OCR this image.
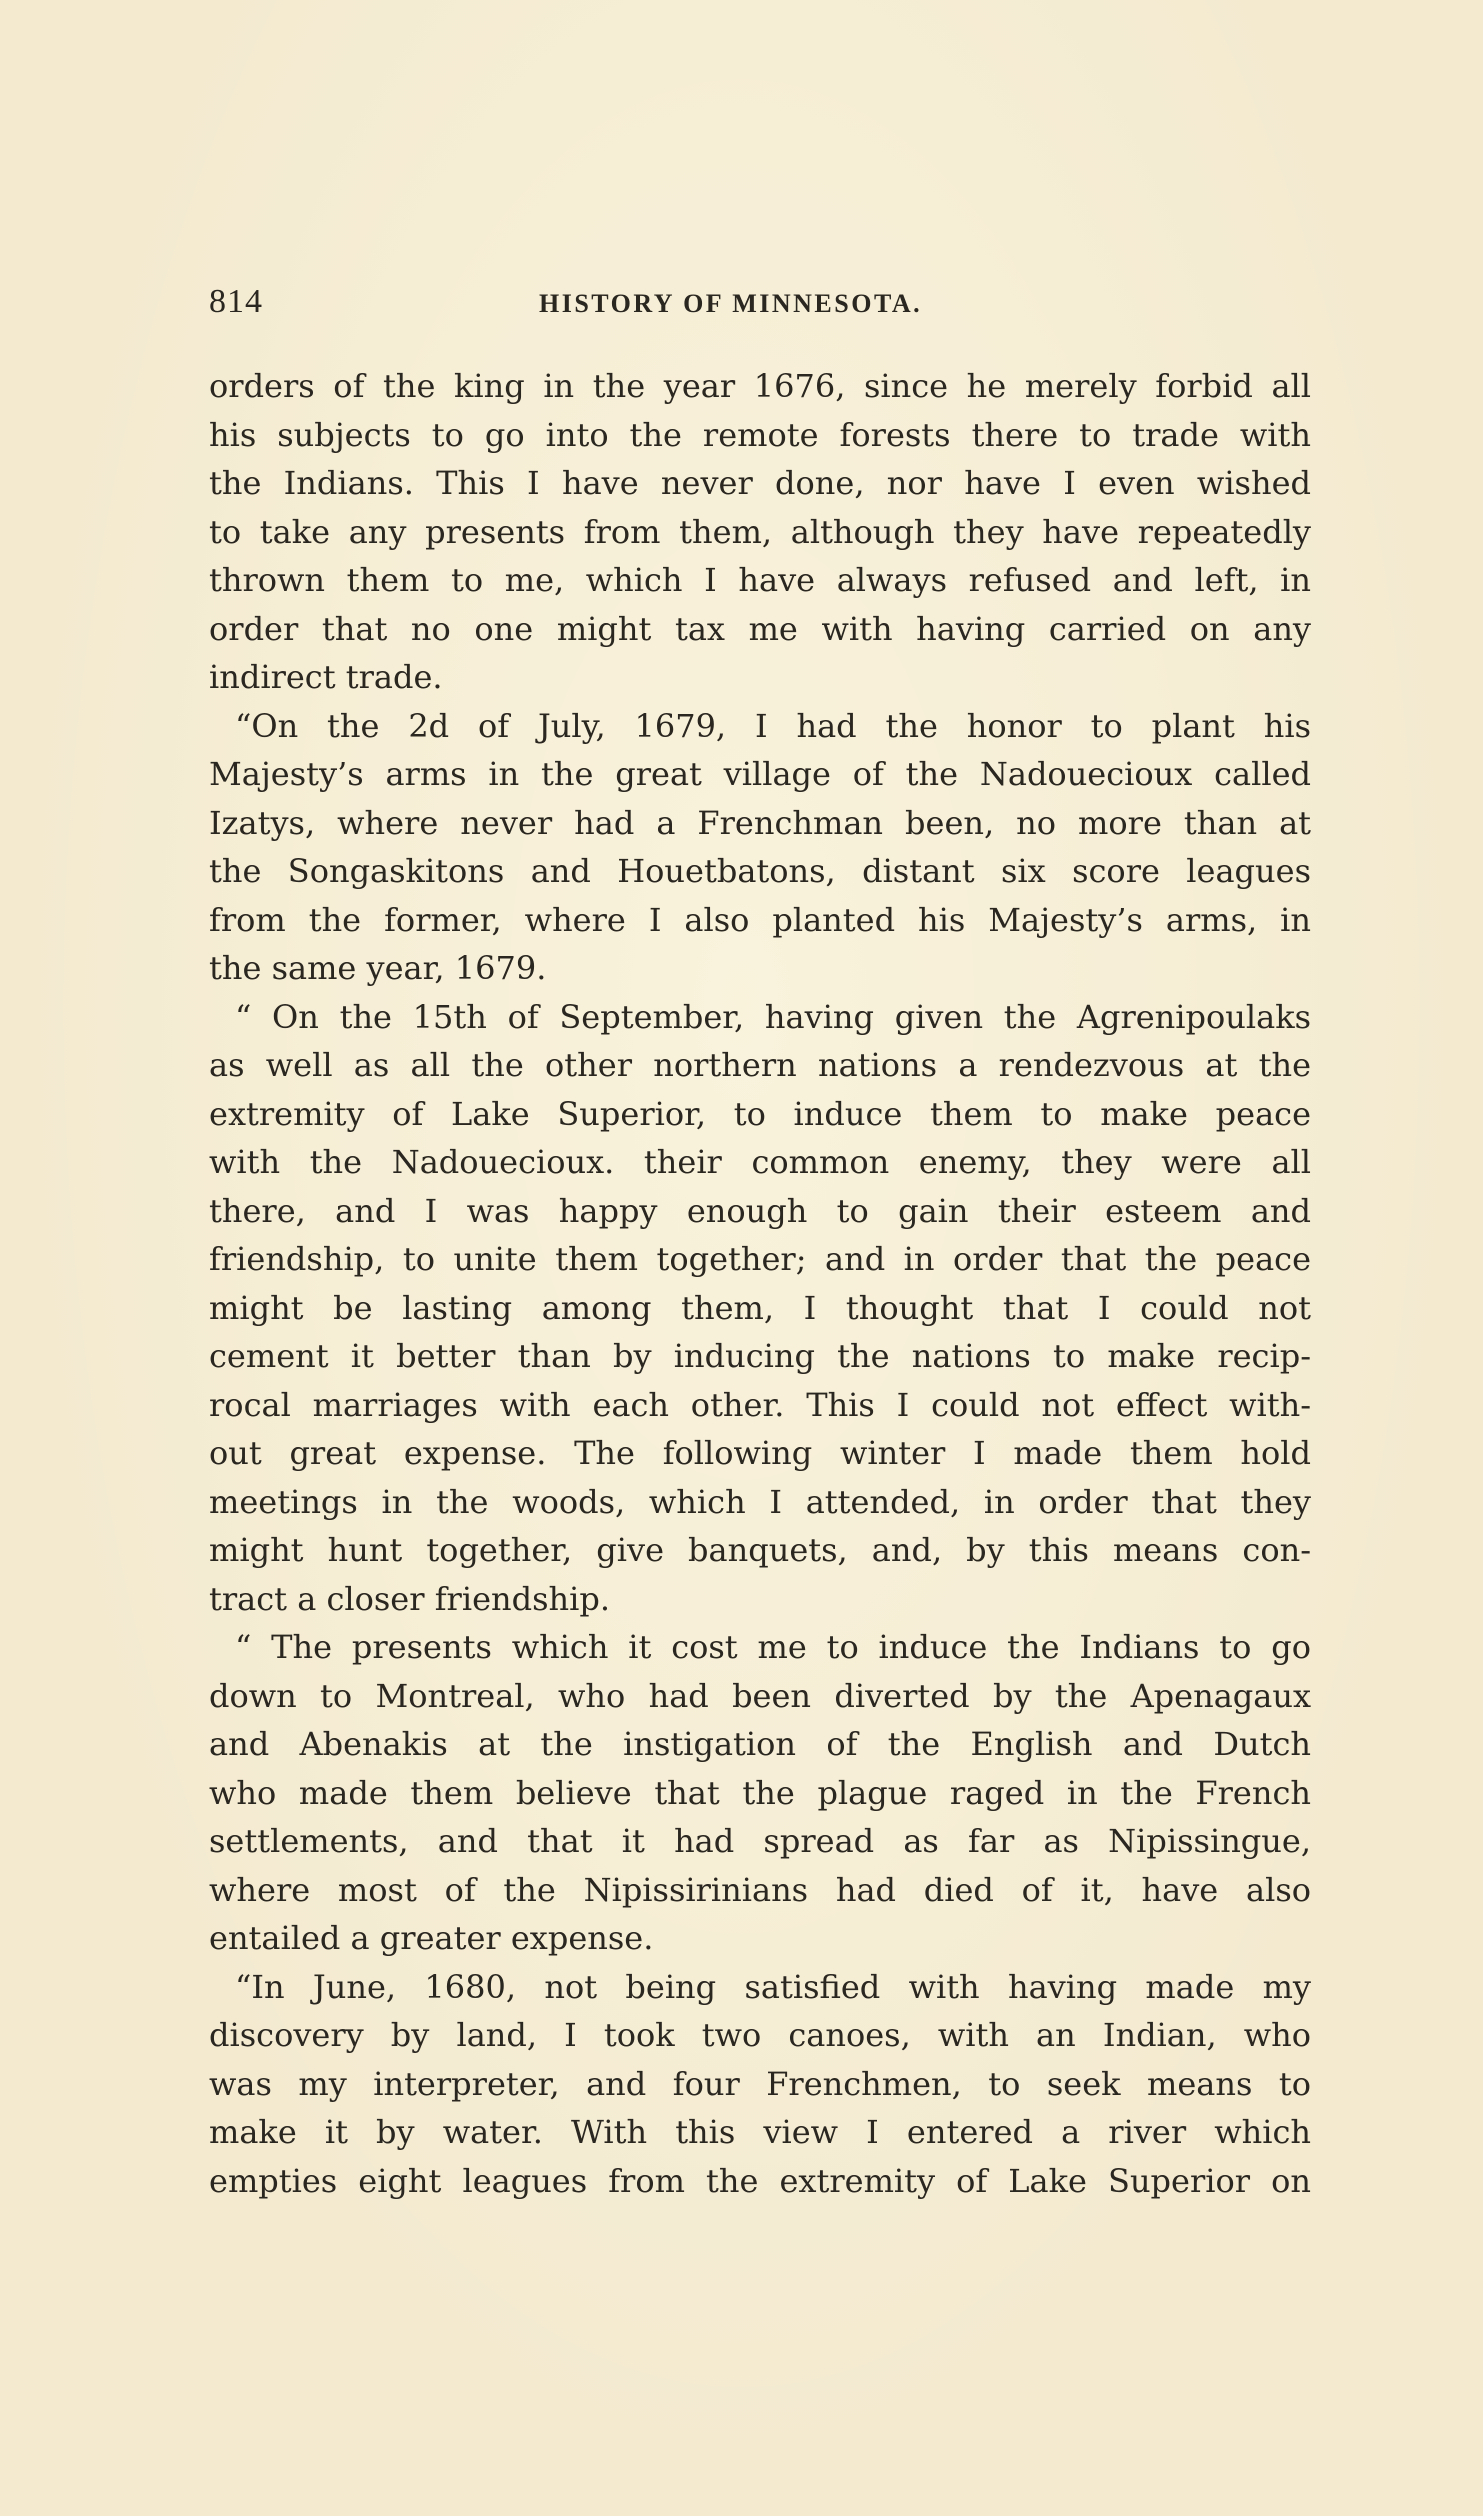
814	HISTORY OF MINNESOTA.
orders of the king in the year 1676, since he merely forbid all
his subjects to go into the remote forests there to trade with
the Indians. This I have never done, nor have I even wished
to take any presents from them, although they have repeatedly
thrown them to me, which I have always refused and left, in
order that no one might tax me with having carried on any
indirect trade.
“On the 2d of July, 1679, I had the honor to plant his
Majesty’s arms in the great village of the Nadouecioux called
Izatys, where never had a Frenchman been, no more than at
the Songaskitons and Houetbatons, distant six score leagues
from the former, where I also planted his Majesty’s arms, in
the same year, 1679.
“ On the 15th of September, having given the Agrenipoulaks
as well as all the other northern nations a rendezvous at the
extremity of Lake Superior, to induce them to make peace
with the Nadouecioux. their common enemy, they were all
there, and I was happy enough to gain their esteem and
friendship, to unite them together; and in order that the peace
might be lasting among them, I thought that I could not
cement it better than by inducing the nations to make recip-
rocal marriages with each other. This I could not effect with-
out great expense. The following winter I made them hold
meetings in the woods, which I attended, in order that they
might hunt together, give banquets, and, by this means con-
tract a closer friendship.
“ The presents which it cost me to induce the Indians to go
down to Montreal, who had been diverted by the Apenagaux
and Abenakis at the instigation of the English and Dutch
who made them believe that the plague raged in the French
settlements, and that it had spread as far as Nipissingue,
where most of the Nipissirinians had died of it, have also
entailed a greater expense.
“In June, 1680, not being satisfied with having made my
discovery by land, I took two canoes, with an Indian, who
was my interpreter, and four Frenchmen, to seek means to
make it by water. With this view I entered a river which
empties eight leagues from the extremity of Lake Superior on
